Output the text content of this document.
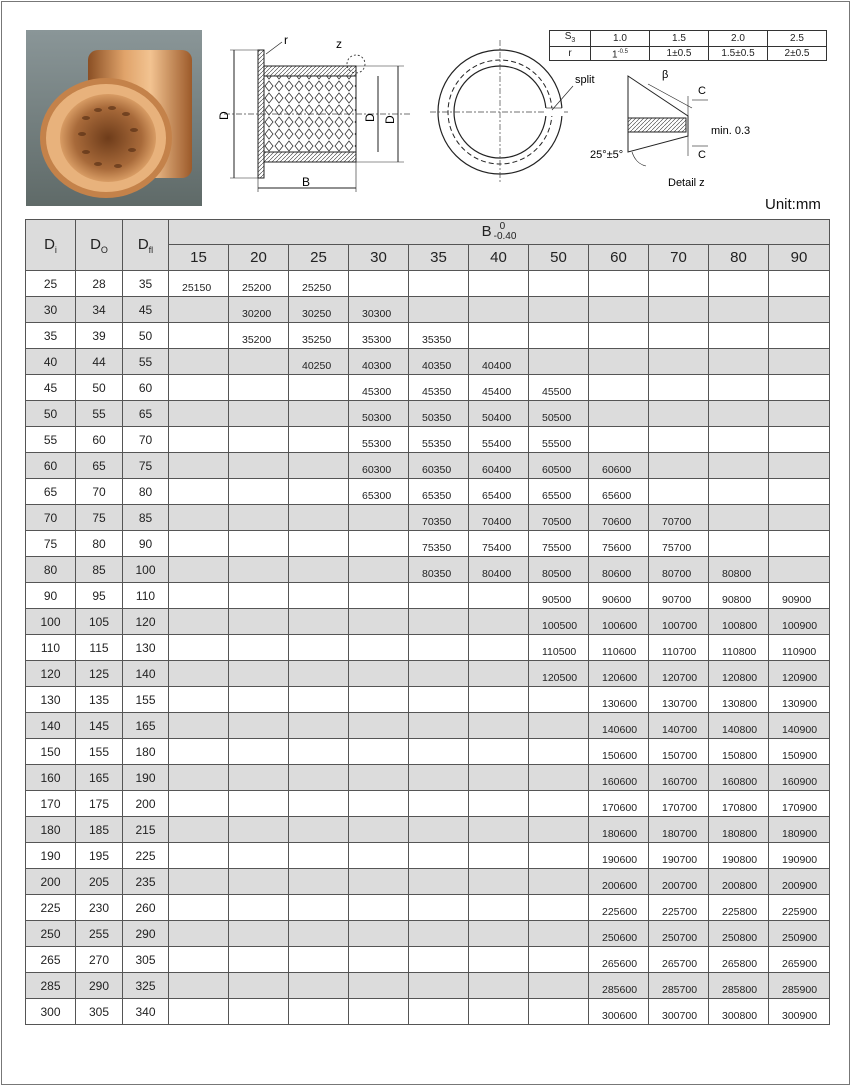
D	D D
B
r	z
split	β
C
C
min. 0.3
25°±5°
Detail z
$S_3$	1.0	1.5	2.0	2.5
r	$1^{-0.5}$	1±0.5	1.5±0.5	2±0.5
Unit:mm
$D_i$	$D_O$	$D_{fl}$	B 0
-0.40										

			15	20	25	30	35	40	50	60	70	80	90
25	28	35	25150	25200	25250								
30	34	45		30200	30250	30300							
35	39	50		35200	35250	35300	35350						
40	44	55			40250	40300	40350	40400					
45	50	60				45300	45350	45400	45500				
50	55	65				50300	50350	50400	50500				
55	60	70				55300	55350	55400	55500				
60	65	75				60300	60350	60400	60500	60600			
65	70	80				65300	65350	65400	65500	65600			
70	75	85					70350	70400	70500	70600	70700		
75	80	90					75350	75400	75500	75600	75700		
80	85	100					80350	80400	80500	80600	80700	80800	
90	95	110							90500	90600	90700	90800	90900
100	105	120							100500	100600	100700	100800	100900
110	115	130							110500	110600	110700	110800	110900
120	125	140							120500	120600	120700	120800	120900
130	135	155								130600	130700	130800	130900
140	145	165								140600	140700	140800	140900
150	155	180								150600	150700	150800	150900
160	165	190								160600	160700	160800	160900
170	175	200								170600	170700	170800	170900
180	185	215								180600	180700	180800	180900
190	195	225								190600	190700	190800	190900
200	205	235								200600	200700	200800	200900
225	230	260								225600	225700	225800	225900
250	255	290								250600	250700	250800	250900
265	270	305								265600	265700	265800	265900
285	290	325								285600	285700	285800	285900
300	305	340								300600	300700	300800	300900
